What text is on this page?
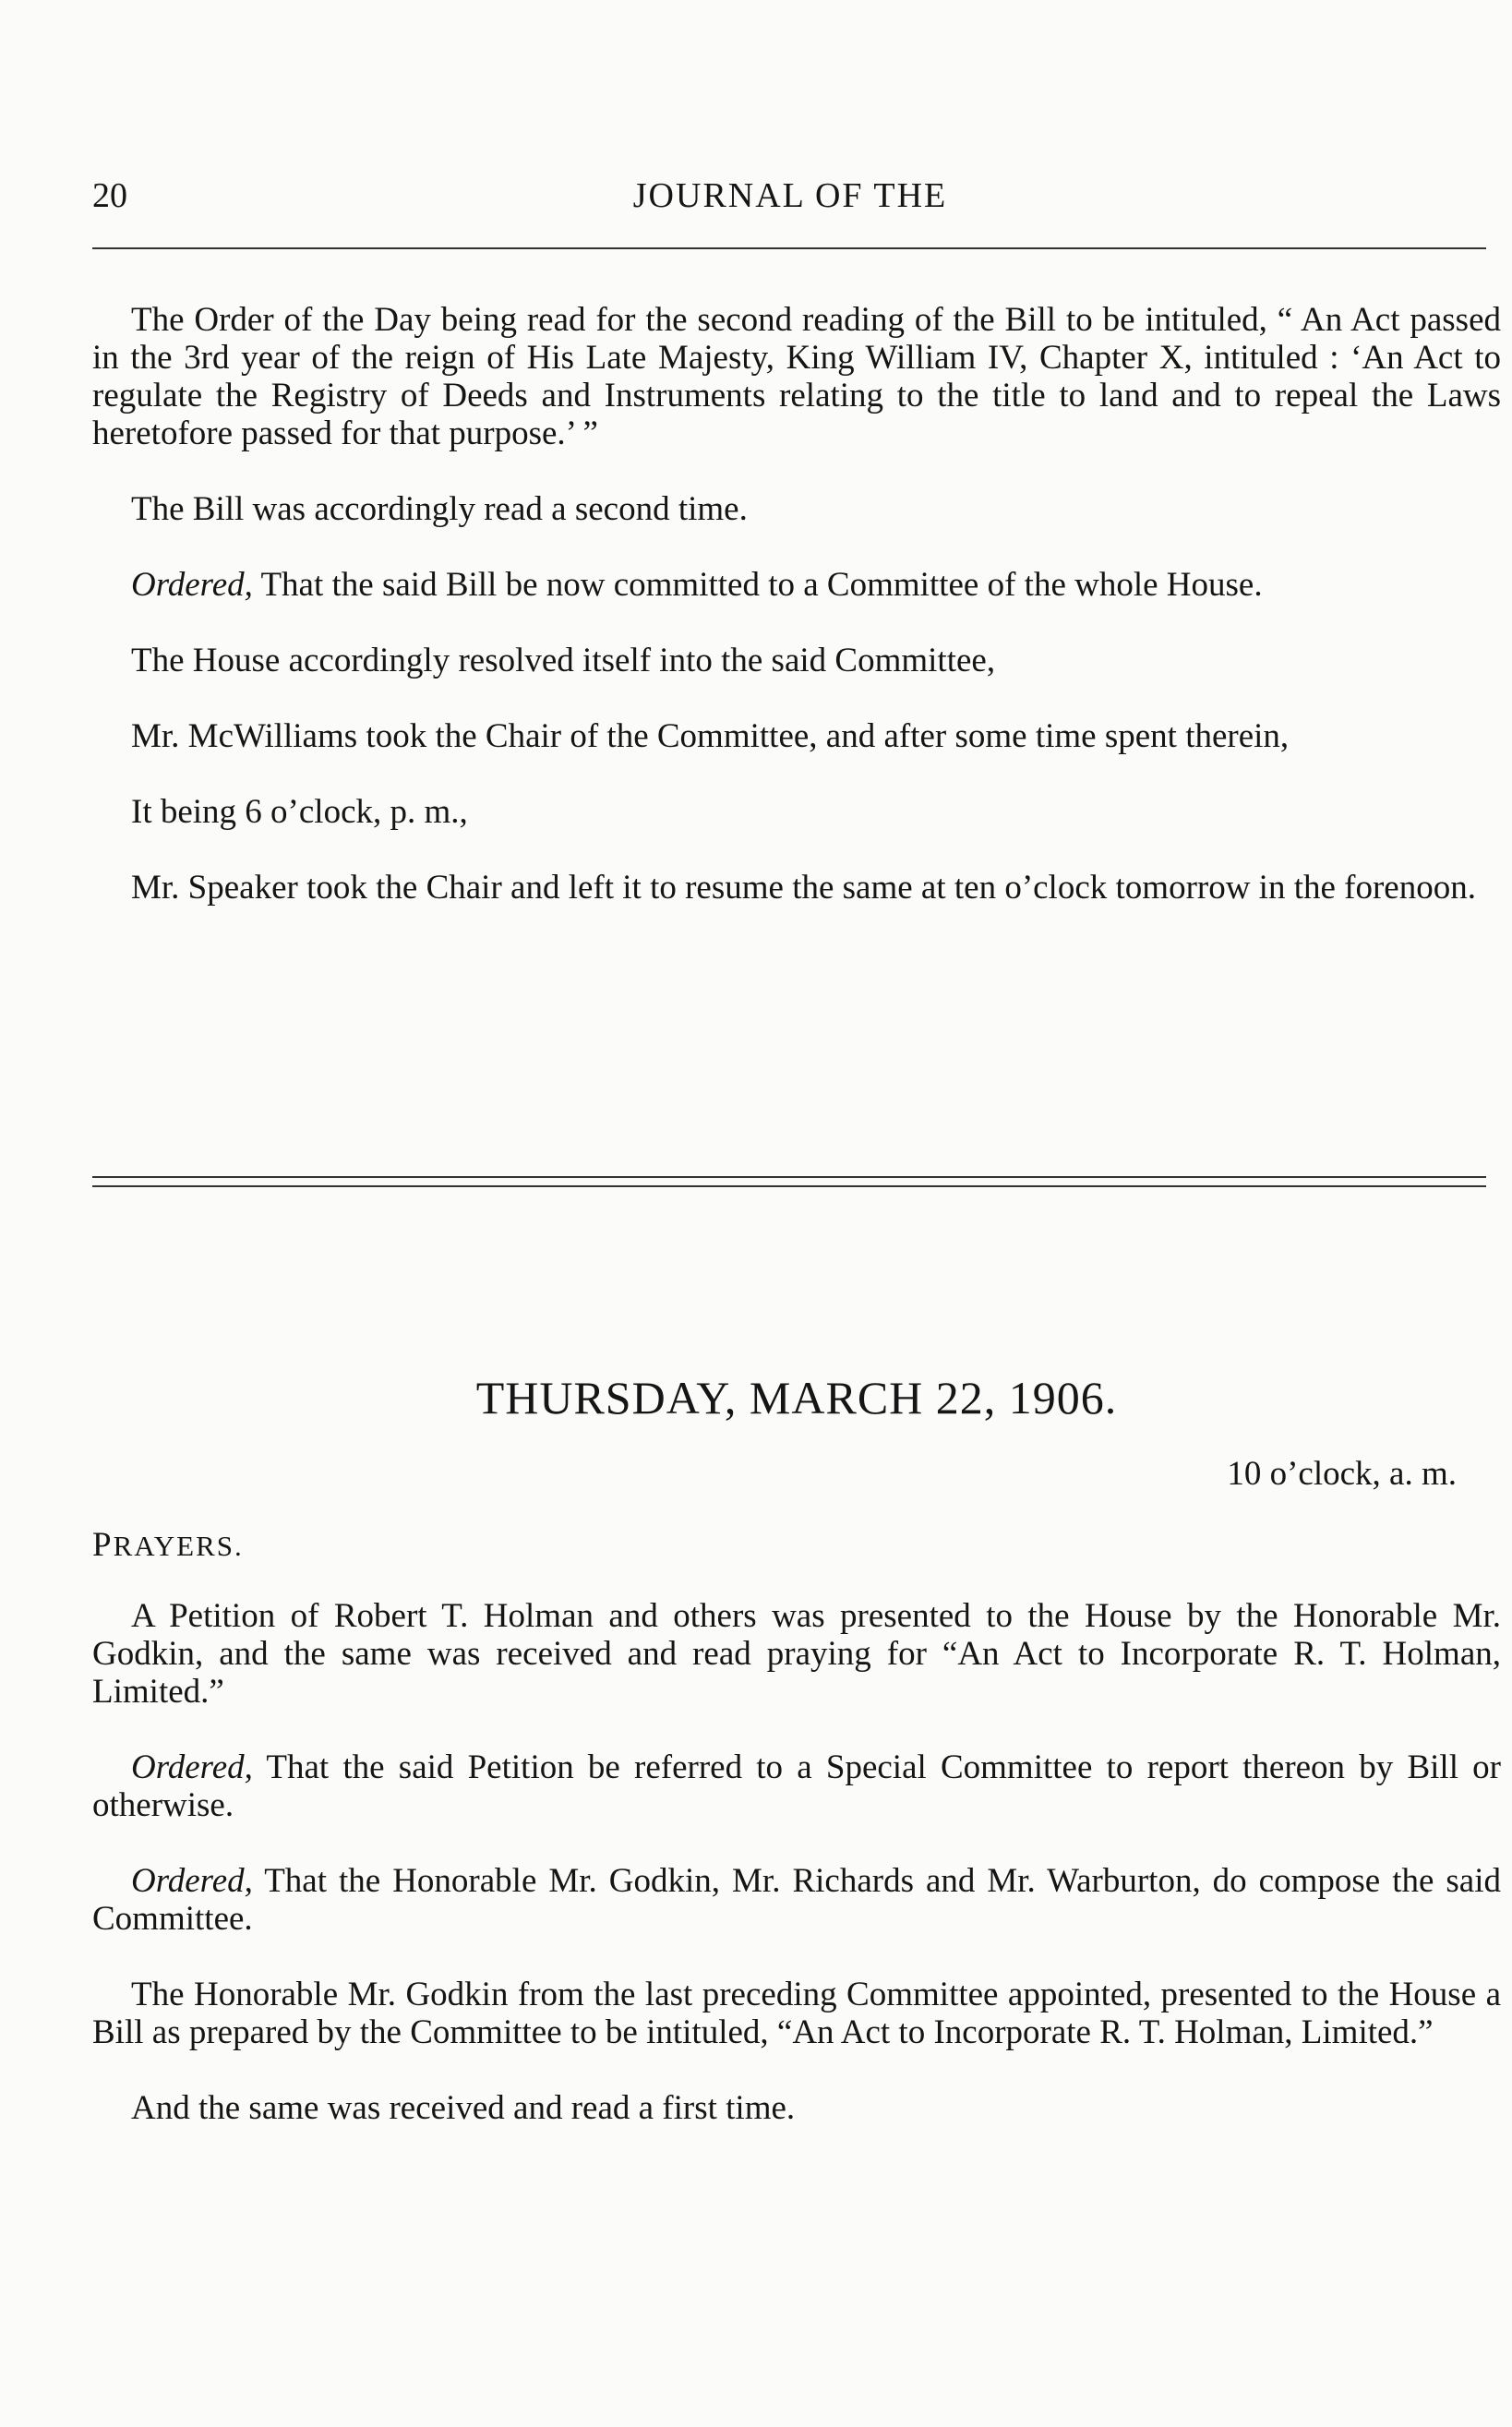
20	JOURNAL OF THE

The Order of the Day being read for the second reading of the Bill to be intituled, “ An Act passed in the 3rd year of the reign of His Late Majesty, King William IV, Chapter X, intituled : ‘An Act to regulate the Registry of Deeds and Instruments relating to the title to land and to repeal the Laws heretofore passed for that purpose.’ ”

The Bill was accordingly read a second time.

Ordered, That the said Bill be now committed to a Committee of the whole House.

The House accordingly resolved itself into the said Committee,

Mr. McWilliams took the Chair of the Committee, and after some time spent therein,

It being 6 o’clock, p. m.,

Mr. Speaker took the Chair and left it to resume the same at ten o’clock tomorrow in the forenoon.

THURSDAY, MARCH 22, 1906.
10 o’clock, a. m.
PRAYERS.

A Petition of Robert T. Holman and others was presented to the House by the Honorable Mr. Godkin, and the same was received and read praying for “An Act to Incorporate R. T. Holman, Limited.”

Ordered, That the said Petition be referred to a Special Committee to report thereon by Bill or otherwise.

Ordered, That the Honorable Mr. Godkin, Mr. Richards and Mr. Warburton, do compose the said Committee.

The Honorable Mr. Godkin from the last preceding Committee appointed, presented to the House a Bill as prepared by the Committee to be intituled, “An Act to Incorporate R. T. Holman, Limited.”

And the same was received and read a first time.
